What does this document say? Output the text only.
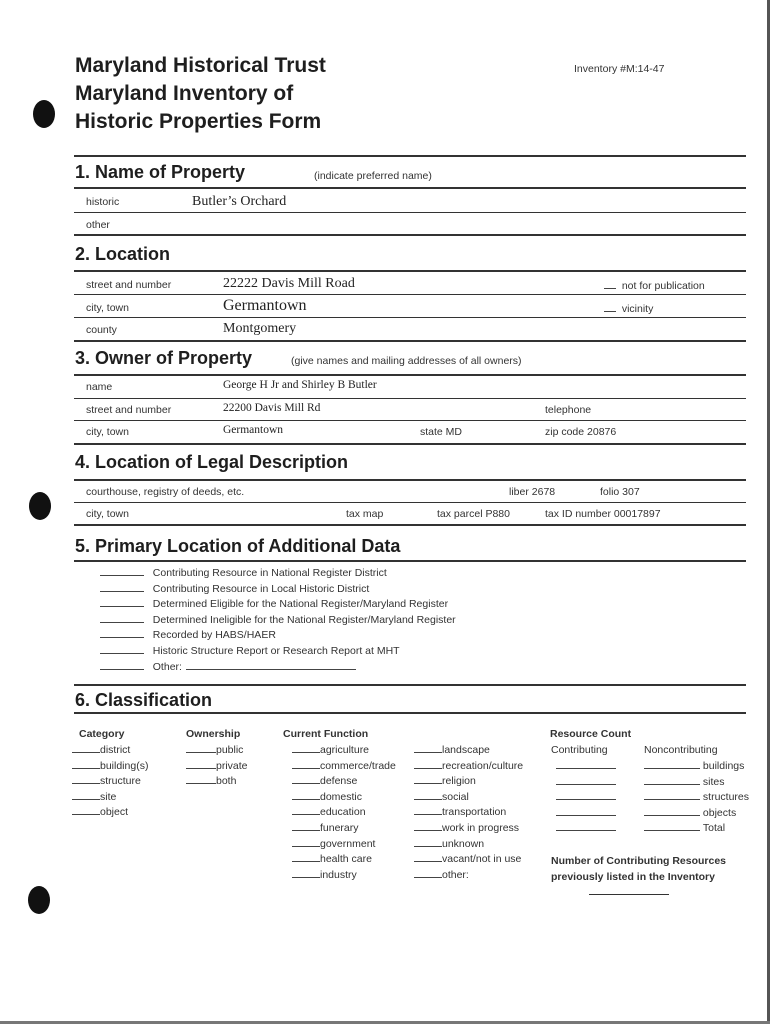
Maryland Historical Trust
Maryland Inventory of
Historic Properties Form
Inventory #M:14-47
1. Name of Property	(indicate preferred name)
historic	Butler’s Orchard
other
2. Location
street and number	22222 Davis Mill Road	not for publication
city, town	Germantown	vicinity
county	Montgomery
3. Owner of Property	(give names and mailing addresses of all owners)
name	George H Jr and Shirley B Butler
street and number	22200 Davis Mill Rd	telephone
city, town	Germantown	state MD	zip code 20876
4. Location of Legal Description
courthouse, registry of deeds, etc.	liber 2678	folio 307
city, town	tax map	tax parcel P880	tax ID number 00017897
5. Primary Location of Additional Data
Contributing Resource in National Register District
Contributing Resource in Local Historic District
Determined Eligible for the National Register/Maryland Register
Determined Ineligible for the National Register/Maryland Register
Recorded by HABS/HAER
Historic Structure Report or Research Report at MHT
Other:
6. Classification
Category
district
building(s)
structure
site
object
Ownership
public
private
both
Current Function
agriculture
commerce/trade
defense
domestic
education
funerary
government
health care
industry
landscape
recreation/culture
religion
social
transportation
work in progress
unknown
vacant/not in use
other:
Resource Count
Contributing	Noncontributing
buildings
sites
structures
objects
Total
Number of Contributing Resources
previously listed in the Inventory
